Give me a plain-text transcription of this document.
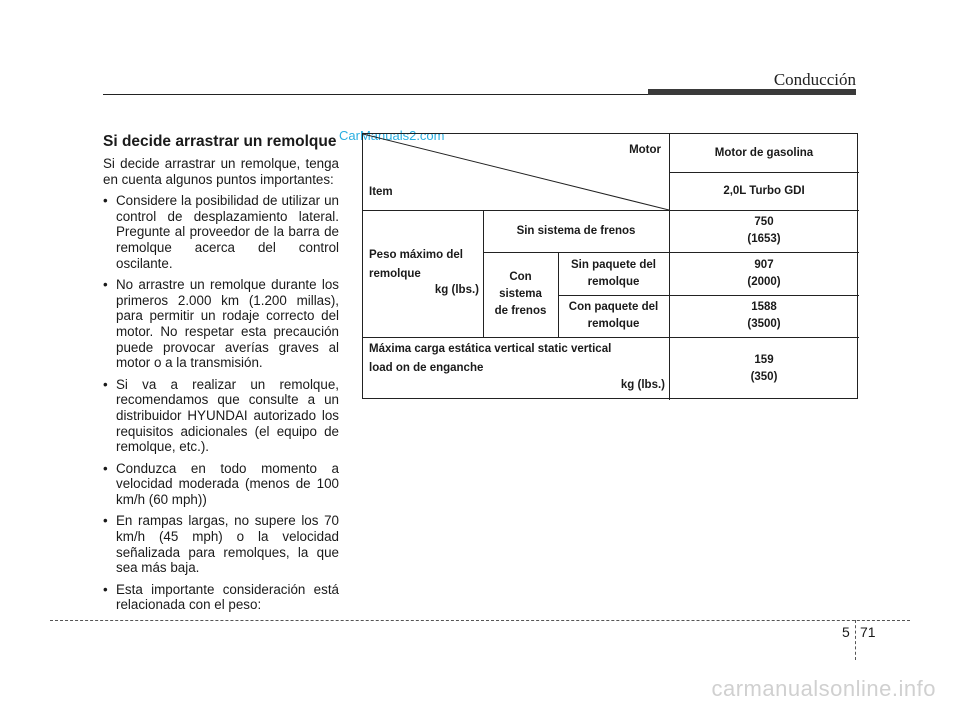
Conducción
Si decide arrastrar un remolque CarManuals2.com

Si decide arrastrar un remolque, tenga en cuenta algunos puntos importantes:

• Considere la posibilidad de utilizar un control de desplazamiento lateral. Pregunte al proveedor de la barra de remolque acerca del control oscilante.
• No arrastre un remolque durante los primeros 2.000 km (1.200 millas), para permitir un rodaje correcto del motor. No respetar esta precaución puede provocar averías graves al motor o a la transmisión.
• Si va a realizar un remolque, recomendamos que consulte a un distribuidor HYUNDAI autorizado los requisitos adicionales (el equipo de remolque, etc.).
• Conduzca en todo momento a velocidad moderada (menos de 100 km/h (60 mph))
• En rampas largas, no supere los 70 km/h (45 mph) o la velocidad señalizada para remolques, la que sea más baja.
• Esta importante consideración está relacionada con el peso:
Motor
Item
Motor de gasolina
2,0L Turbo GDI
Peso máximo del
remolque
kg (lbs.)
Sin sistema de frenos
750
(1653)
Con
sistema
de frenos
Sin paquete del
remolque
907
(2000)
Con paquete del
remolque
1588
(3500)
Máxima carga estática vertical static vertical
load on de enganche
kg (lbs.)
159
(350)
5 71
carmanualsonline.info
